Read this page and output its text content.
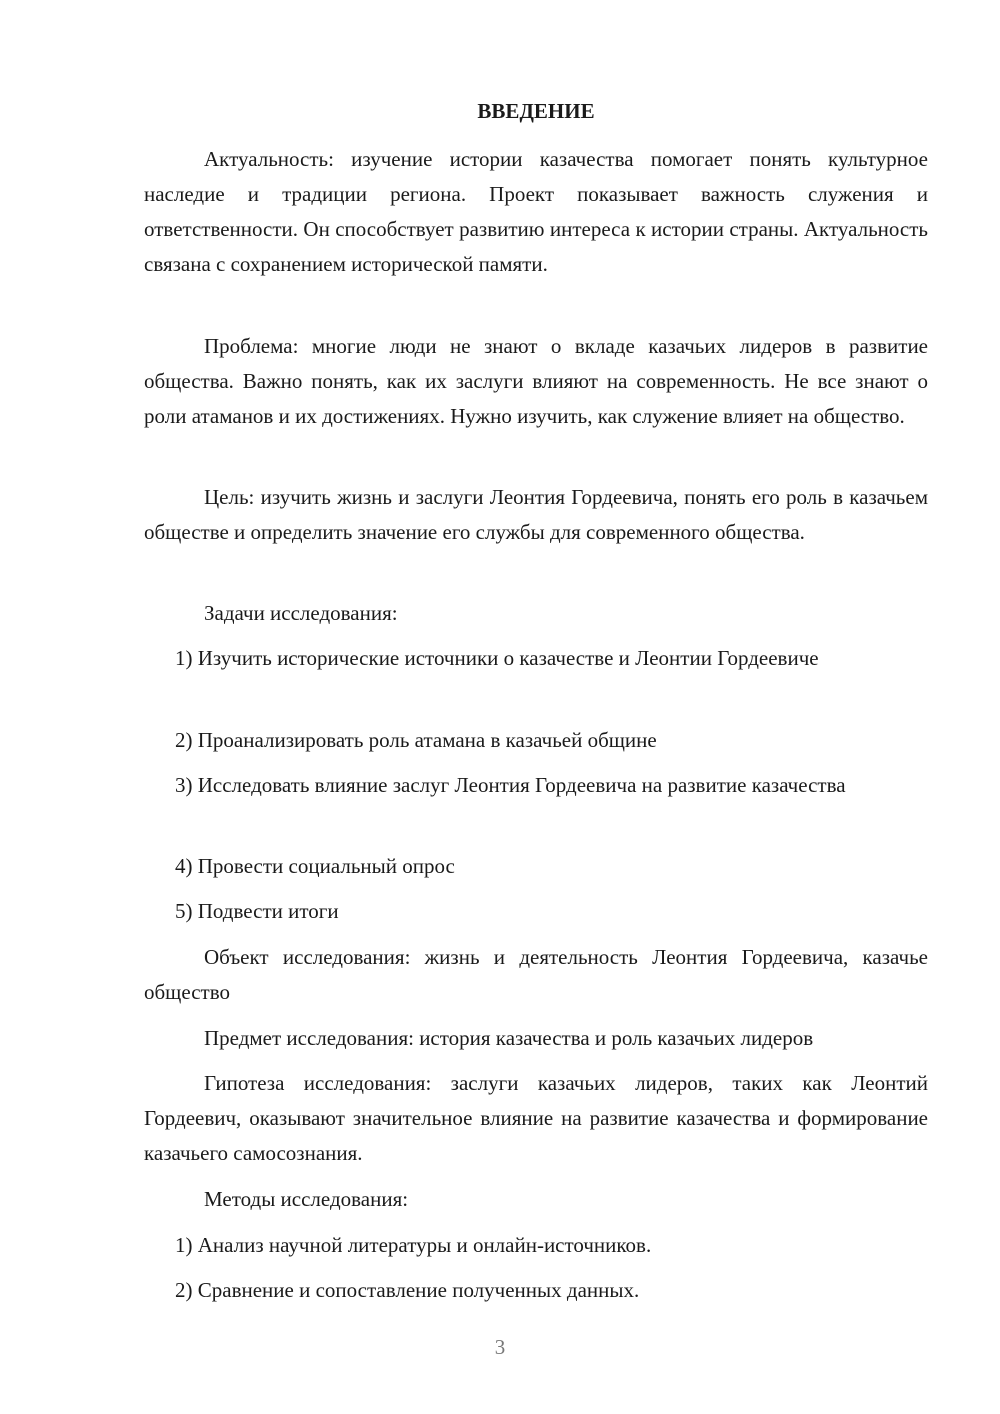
ВВЕДЕНИЕ

Актуальность: изучение истории казачества помогает понять культурное наследие и традиции региона. Проект показывает важность служения и ответственности. Он способствует развитию интереса к истории страны. Актуальность связана с сохранением исторической памяти.

Проблема: многие люди не знают о вкладе казачьих лидеров в развитие общества. Важно понять, как их заслуги влияют на современность. Не все знают о роли атаманов и их достижениях. Нужно изучить, как служение влияет на общество.

Цель: изучить жизнь и заслуги Леонтия Гордеевича, понять его роль в казачьем обществе и определить значение его службы для современного общества.

Задачи исследования:

1) Изучить исторические источники о казачестве и Леонтии Гордеевиче

2) Проанализировать роль атамана в казачьей общине

3) Исследовать влияние заслуг Леонтия Гордеевича на развитие казачества

4) Провести социальный опрос

5) Подвести итоги

Объект исследования: жизнь и деятельность Леонтия Гордеевича, казачье общество

Предмет исследования: история казачества и роль казачьих лидеров

Гипотеза исследования: заслуги казачьих лидеров, таких как Леонтий Гордеевич, оказывают значительное влияние на развитие казачества и формирование казачьего самосознания.

Методы исследования:

1) Анализ научной литературы и онлайн-источников.

2) Сравнение и сопоставление полученных данных.

3
